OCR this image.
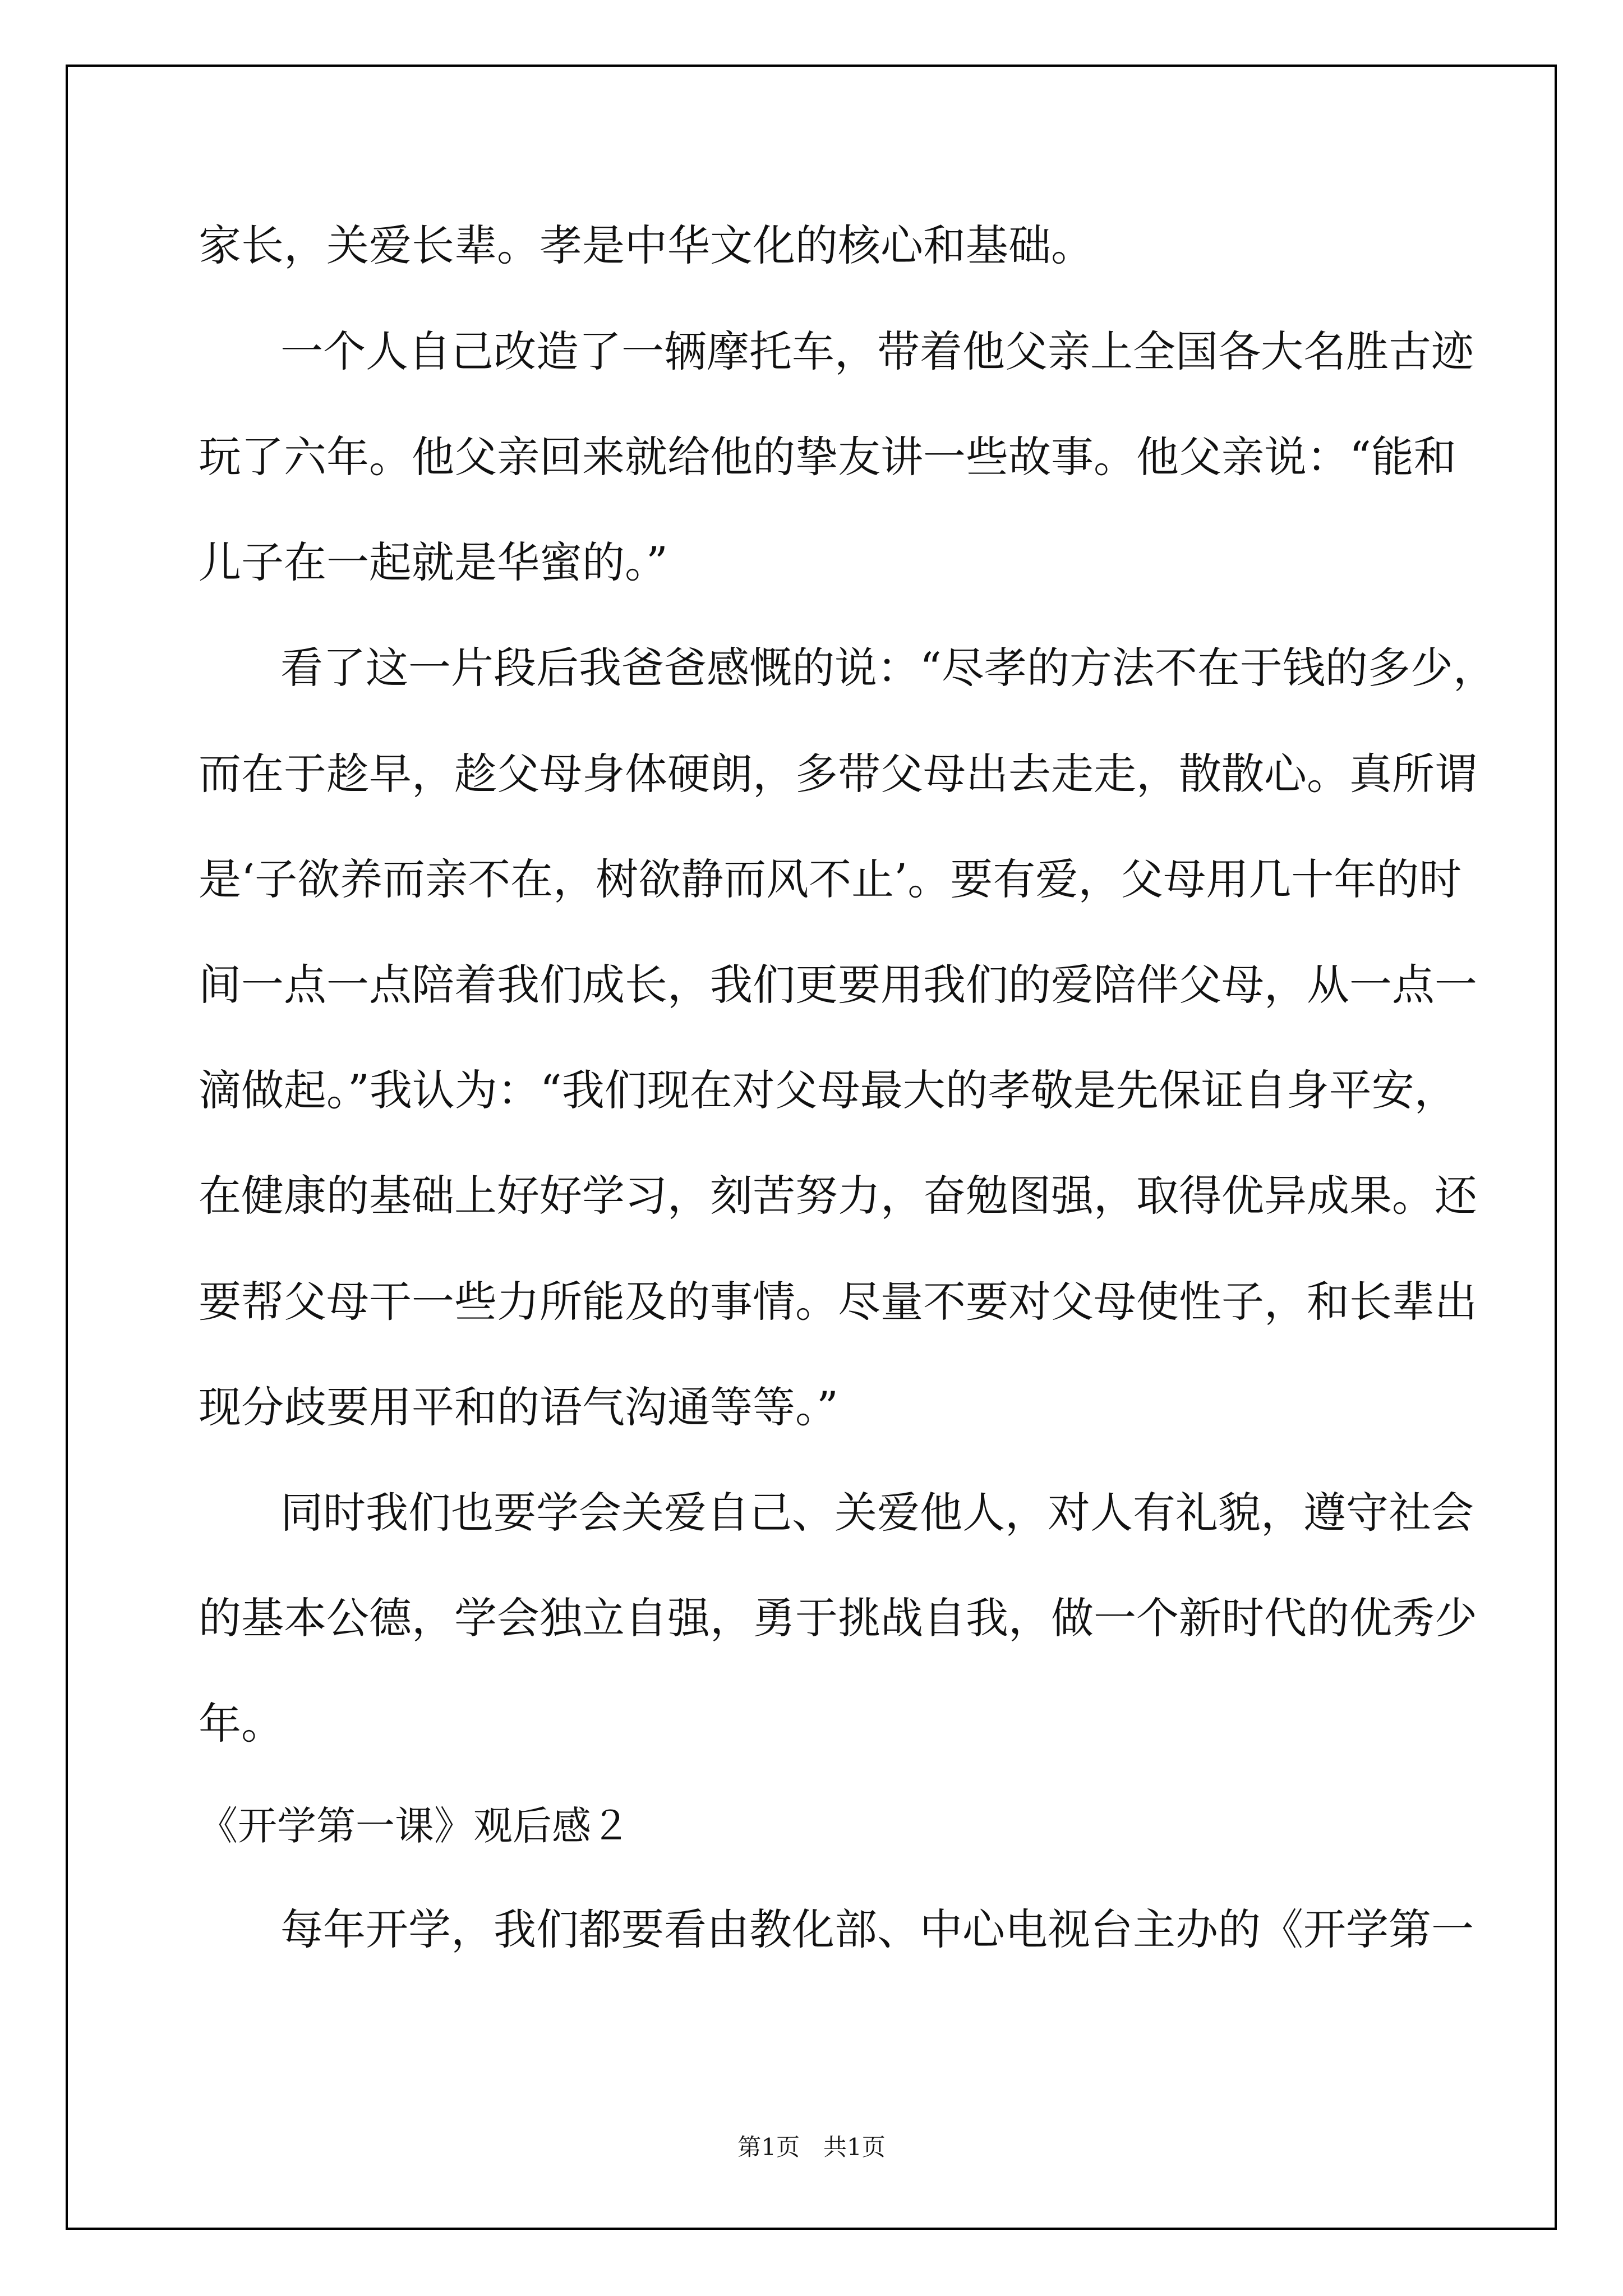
家长，关爱长辈。孝是中华文化的核心和基础。
一个人自己改造了一辆摩托车，带着他父亲上全国各大名胜古迹
玩了六年。他父亲回来就给他的挚友讲一些故事。他父亲说：“能和
儿子在一起就是华蜜的。”
看了这一片段后我爸爸感慨的说：“尽孝的方法不在于钱的多少，
而在于趁早，趁父母身体硬朗，多带父母出去走走，散散心。真所谓
是‘子欲养而亲不在，树欲静而风不止’。要有爱，父母用几十年的时
间一点一点陪着我们成长，我们更要用我们的爱陪伴父母，从一点一
滴做起。”我认为：“我们现在对父母最大的孝敬是先保证自身平安，
在健康的基础上好好学习，刻苦努力，奋勉图强，取得优异成果。还
要帮父母干一些力所能及的事情。尽量不要对父母使性子，和长辈出
现分歧要用平和的语气沟通等等。”
同时我们也要学会关爱自己、关爱他人，对人有礼貌，遵守社会
的基本公德，学会独立自强，勇于挑战自我，做一个新时代的优秀少
年。
《开学第一课》观后感２
每年开学，我们都要看由教化部、中心电视台主办的《开学第一
第1页　共1页
